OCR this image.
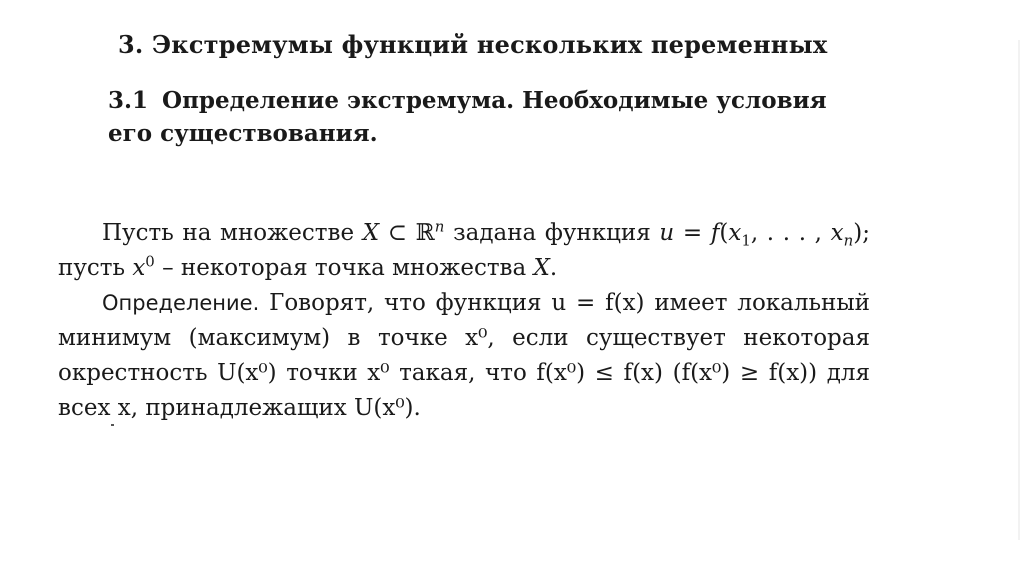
3. Экстремумы функций нескольких переменных
3.1 Определение экстремума. Необходимые условия его существования.

Пусть на множестве X ⊂ ℝ$^n$ задана функция $u = f(x_1$, . . . , $x_n$); пусть $x^0$ – некоторая точка множества X.

Определение. Говорят, что функция u = f(x) имеет локальный минимум (максимум) в точке x⁰, если существует некоторая окрестность U(x⁰) точки x⁰ такая, что f(x⁰) ≤ f(x) (f(x⁰) ≥ f(x)) для всех x, принадлежащих U(x⁰).
